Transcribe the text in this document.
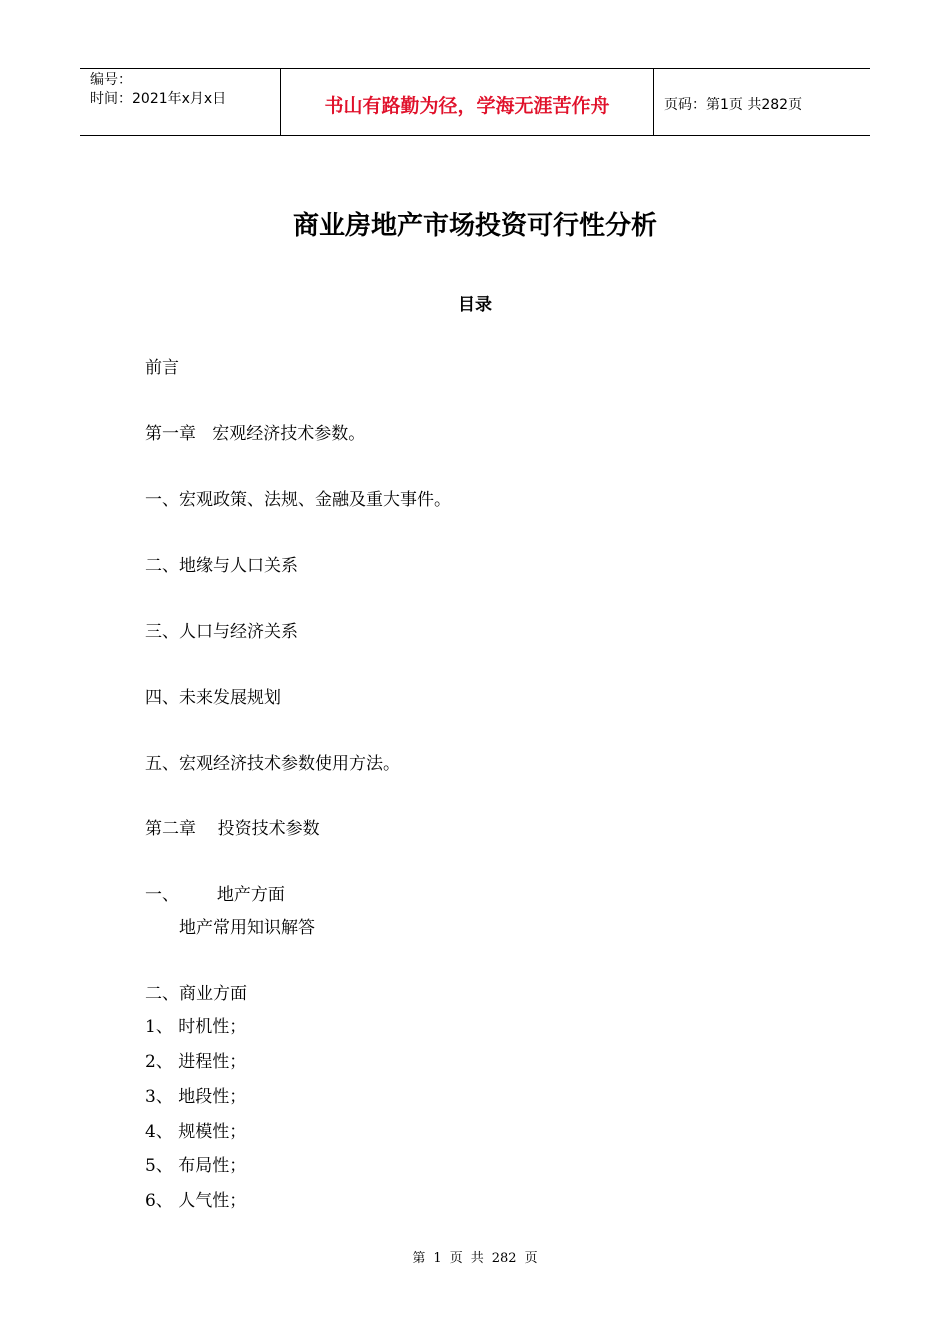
编号：
时间：2021年x月x日	书山有路勤为径，学海无涯苦作舟	页码：第1页 共282页
商业房地产市场投资可行性分析
目录
前言
第一章   宏观经济技术参数。
一、宏观政策、法规、金融及重大事件。
二、地缘与人口关系
三、人口与经济关系
四、未来发展规划
五、宏观经济技术参数使用方法。
第二章    投资技术参数
一、       地产方面
地产常用知识解答
二、商业方面
1、 时机性；
2、 进程性；
3、 地段性；
4、 规模性；
5、 布局性；
6、 人气性；
第 1 页 共 282 页
